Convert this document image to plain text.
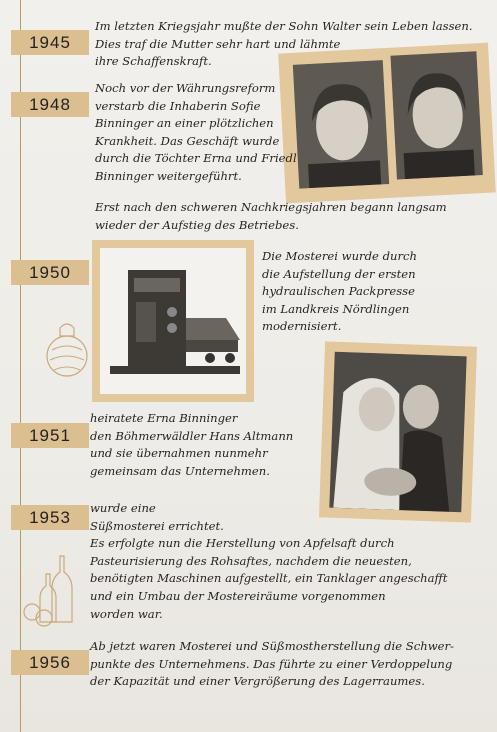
1945
Im letzten Kriegsjahr mußte der Sohn Walter sein Leben lassen.
Dies traf die Mutter sehr hart und lähmte
ihre Schaffenskraft.
1948
Noch vor der Währungsreform
verstarb die Inhaberin Sofie
Binninger an einer plötzlichen
Krankheit. Das Geschäft wurde
durch die Töchter Erna und Friedl
Binninger weitergeführt.
Erst nach den schweren Nachkriegsjahren begann langsam
wieder der Aufstieg des Betriebes.
1950
Die Mosterei wurde durch
die Aufstellung der ersten
hydraulischen Packpresse
im Landkreis Nördlingen
modernisiert.
1951
heiratete Erna Binninger
den Böhmerwäldler Hans Altmann
und sie übernahmen nunmehr
gemeinsam das Unternehmen.
1953	wurde eine
Süßmosterei errichtet.
Es erfolgte nun die Herstellung von Apfelsaft durch
Pasteurisierung des Rohsaftes, nachdem die neuesten,
benötigten Maschinen aufgestellt, ein Tanklager angeschafft
und ein Umbau der Mostereiräume vorgenommen
worden war.
1956
Ab jetzt waren Mosterei und Süßmostherstellung die Schwer-
punkte des Unternehmens. Das führte zu einer Verdoppelung
der Kapazität und einer Vergrößerung des Lagerraumes.
